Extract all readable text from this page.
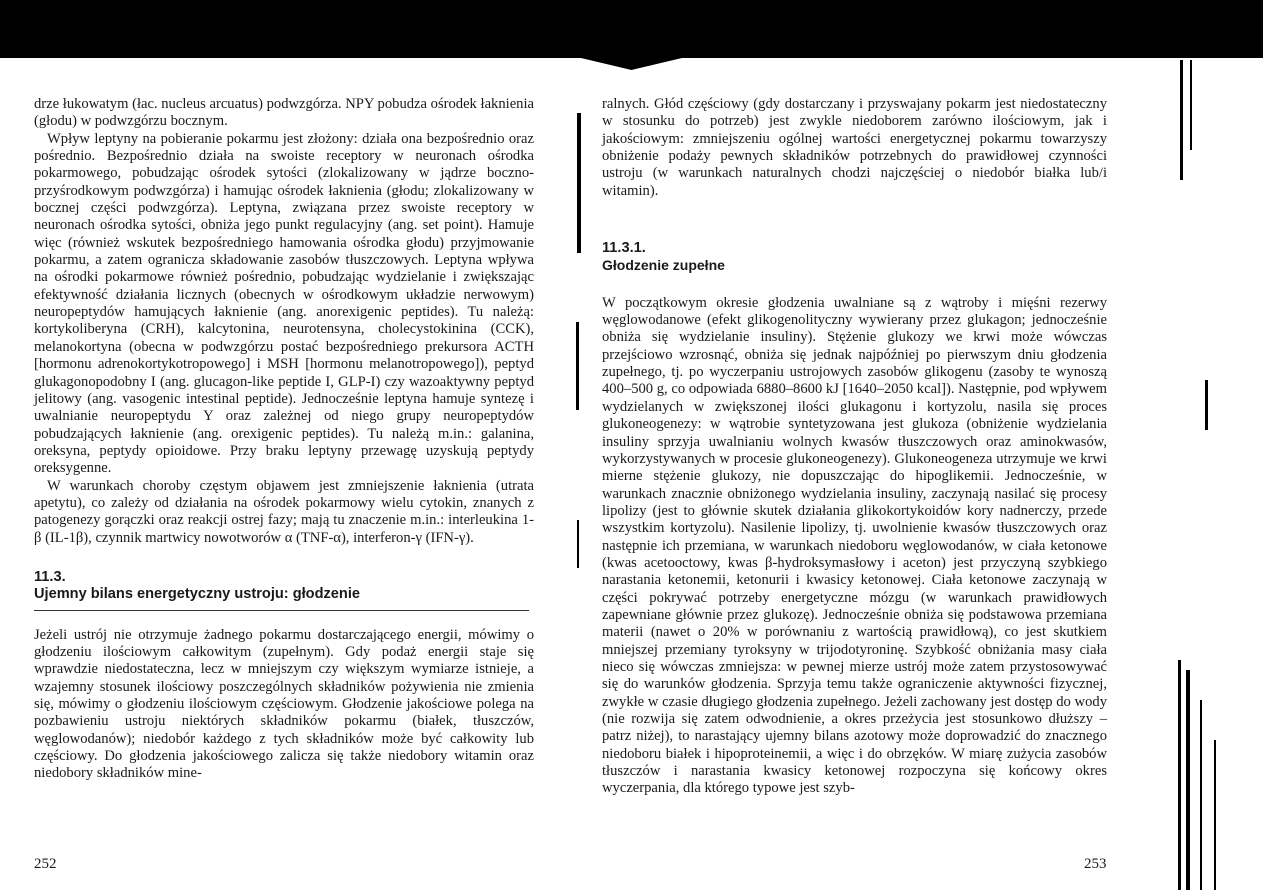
drze łukowatym (łac. nucleus arcuatus) podwzgórza. NPY pobudza ośrodek łaknienia (głodu) w podwzgórzu bocznym.

Wpływ leptyny na pobieranie pokarmu jest złożony: działa ona bezpośrednio oraz pośrednio. Bezpośrednio działa na swoiste receptory w neuronach ośrodka pokarmowego, pobudzając ośrodek sytości (zlokalizowany w jądrze boczno-przyśrodkowym podwzgórza) i hamując ośrodek łaknienia (głodu; zlokalizowany w bocznej części podwzgórza). Leptyna, związana przez swoiste receptory w neuronach ośrodka sytości, obniża jego punkt regulacyjny (ang. set point). Hamuje więc (również wskutek bezpośredniego hamowania ośrodka głodu) przyjmowanie pokarmu, a zatem ogranicza składowanie zasobów tłuszczowych. Leptyna wpływa na ośrodki pokarmowe również pośrednio, pobudzając wydzielanie i zwiększając efektywność działania licznych (obecnych w ośrodkowym układzie nerwowym) neuropeptydów hamujących łaknienie (ang. anorexigenic peptides). Tu należą: kortykoliberyna (CRH), kalcytonina, neurotensyna, cholecystokinina (CCK), melanokortyna (obecna w podwzgórzu postać bezpośredniego prekursora ACTH [hormonu adrenokortykotropowego] i MSH [hormonu melanotropowego]), peptyd glukagonopodobny I (ang. glucagon-like peptide I, GLP-I) czy wazoaktywny peptyd jelitowy (ang. vasogenic intestinal peptide). Jednocześnie leptyna hamuje syntezę i uwalnianie neuropeptydu Y oraz zależnej od niego grupy neuropeptydów pobudzających łaknienie (ang. orexigenic peptides). Tu należą m.in.: galanina, oreksyna, peptydy opioidowe. Przy braku leptyny przewagę uzyskują peptydy oreksygenne.

W warunkach choroby częstym objawem jest zmniejszenie łaknienia (utrata apetytu), co zależy od działania na ośrodek pokarmowy wielu cytokin, znanych z patogenezy gorączki oraz reakcji ostrej fazy; mają tu znaczenie m.in.: interleukina 1-β (IL-1β), czynnik martwicy nowotworów α (TNF-α), interferon-γ (IFN-γ).

11.3.

Ujemny bilans energetyczny ustroju: głodzenie

Jeżeli ustrój nie otrzymuje żadnego pokarmu dostarczającego energii, mówimy o głodzeniu ilościowym całkowitym (zupełnym). Gdy podaż energii staje się wprawdzie niedostateczna, lecz w mniejszym czy większym wymiarze istnieje, a wzajemny stosunek ilościowy poszczególnych składników pożywienia nie zmienia się, mówimy o głodzeniu ilościowym częściowym. Głodzenie jakościowe polega na pozbawieniu ustroju niektórych składników pokarmu (białek, tłuszczów, węglowodanów); niedobór każdego z tych składników może być całkowity lub częściowy. Do głodzenia jakościowego zalicza się także niedobory witamin oraz niedobory składników mine-

252

ralnych. Głód częściowy (gdy dostarczany i przyswajany pokarm jest niedostateczny w stosunku do potrzeb) jest zwykle niedoborem zarówno ilościowym, jak i jakościowym: zmniejszeniu ogólnej wartości energetycznej pokarmu towarzyszy obniżenie podaży pewnych składników potrzebnych do prawidłowej czynności ustroju (w warunkach naturalnych chodzi najczęściej o niedobór białka lub/i witamin).

11.3.1.

Głodzenie zupełne

W początkowym okresie głodzenia uwalniane są z wątroby i mięśni rezerwy węglowodanowe (efekt glikogenolityczny wywierany przez glukagon; jednocześnie obniża się wydzielanie insuliny). Stężenie glukozy we krwi może wówczas przejściowo wzrosnąć, obniża się jednak najpóźniej po pierwszym dniu głodzenia zupełnego, tj. po wyczerpaniu ustrojowych zasobów glikogenu (zasoby te wynoszą 400–500 g, co odpowiada 6880–8600 kJ [1640–2050 kcal]). Następnie, pod wpływem wydzielanych w zwiększonej ilości glukagonu i kortyzolu, nasila się proces glukoneogenezy: w wątrobie syntetyzowana jest glukoza (obniżenie wydzielania insuliny sprzyja uwalnianiu wolnych kwasów tłuszczowych oraz aminokwasów, wykorzystywanych w procesie glukoneogenezy). Glukoneogeneza utrzymuje we krwi mierne stężenie glukozy, nie dopuszczając do hipoglikemii. Jednocześnie, w warunkach znacznie obniżonego wydzielania insuliny, zaczynają nasilać się procesy lipolizy (jest to głównie skutek działania glikokortykoidów kory nadnerczy, przede wszystkim kortyzolu). Nasilenie lipolizy, tj. uwolnienie kwasów tłuszczowych oraz następnie ich przemiana, w warunkach niedoboru węglowodanów, w ciała ketonowe (kwas acetooctowy, kwas β-hydroksymasłowy i aceton) jest przyczyną szybkiego narastania ketonemii, ketonurii i kwasicy ketonowej. Ciała ketonowe zaczynają w części pokrywać potrzeby energetyczne mózgu (w warunkach prawidłowych zapewniane głównie przez glukozę). Jednocześnie obniża się podstawowa przemiana materii (nawet o 20% w porównaniu z wartością prawidłową), co jest skutkiem mniejszej przemiany tyroksyny w trijodotyroninę. Szybkość obniżania masy ciała nieco się wówczas zmniejsza: w pewnej mierze ustrój może zatem przystosowywać się do warunków głodzenia. Sprzyja temu także ograniczenie aktywności fizycznej, zwykłe w czasie długiego głodzenia zupełnego. Jeżeli zachowany jest dostęp do wody (nie rozwija się zatem odwodnienie, a okres przeżycia jest stosunkowo dłuższy – patrz niżej), to narastający ujemny bilans azotowy może doprowadzić do znacznego niedoboru białek i hipoproteinemii, a więc i do obrzęków. W miarę zużycia zasobów tłuszczów i narastania kwasicy ketonowej rozpoczyna się końcowy okres wyczerpania, dla którego typowe jest szyb-

253
